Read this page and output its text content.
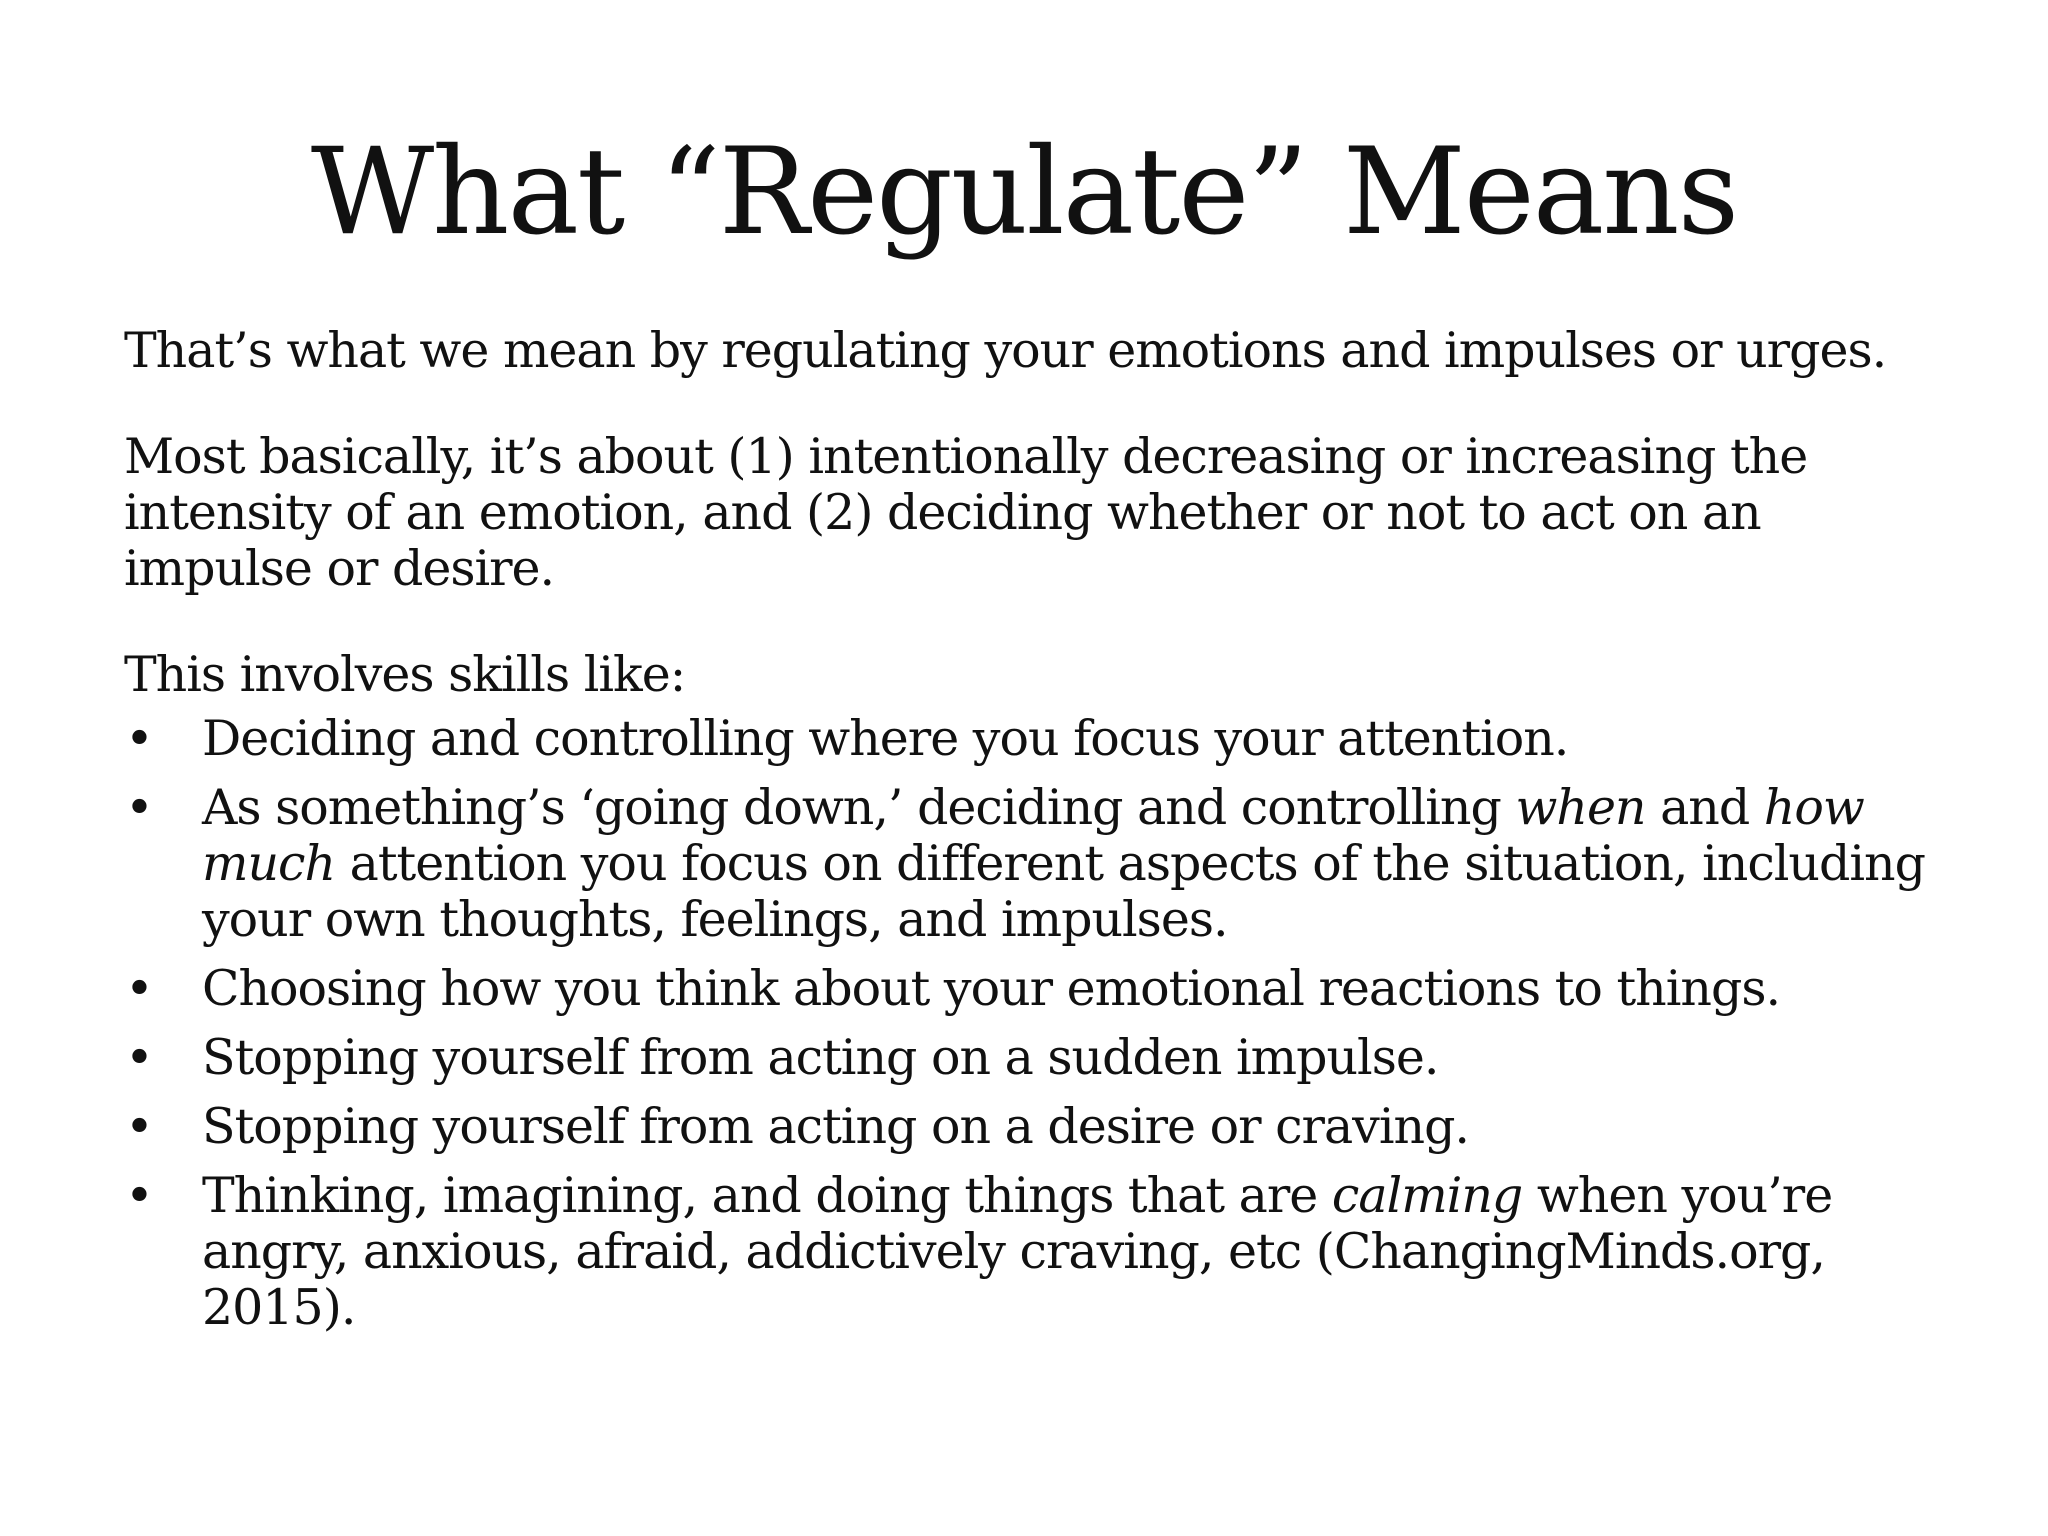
What “Regulate” Means

That’s what we mean by regulating your emotions and impulses or urges.

Most basically, it’s about (1) intentionally decreasing or increasing the intensity of an emotion, and (2) deciding whether or not to act on an impulse or desire.

This involves skills like:

• Deciding and controlling where you focus your attention.
• As something’s ‘going down,’ deciding and controlling when and how much attention you focus on different aspects of the situation, including your own thoughts, feelings, and impulses.
• Choosing how you think about your emotional reactions to things.
• Stopping yourself from acting on a sudden impulse.
• Stopping yourself from acting on a desire or craving.
• Thinking, imagining, and doing things that are calming when you’re angry, anxious, afraid, addictively craving, etc (ChangingMinds.org, 2015).
